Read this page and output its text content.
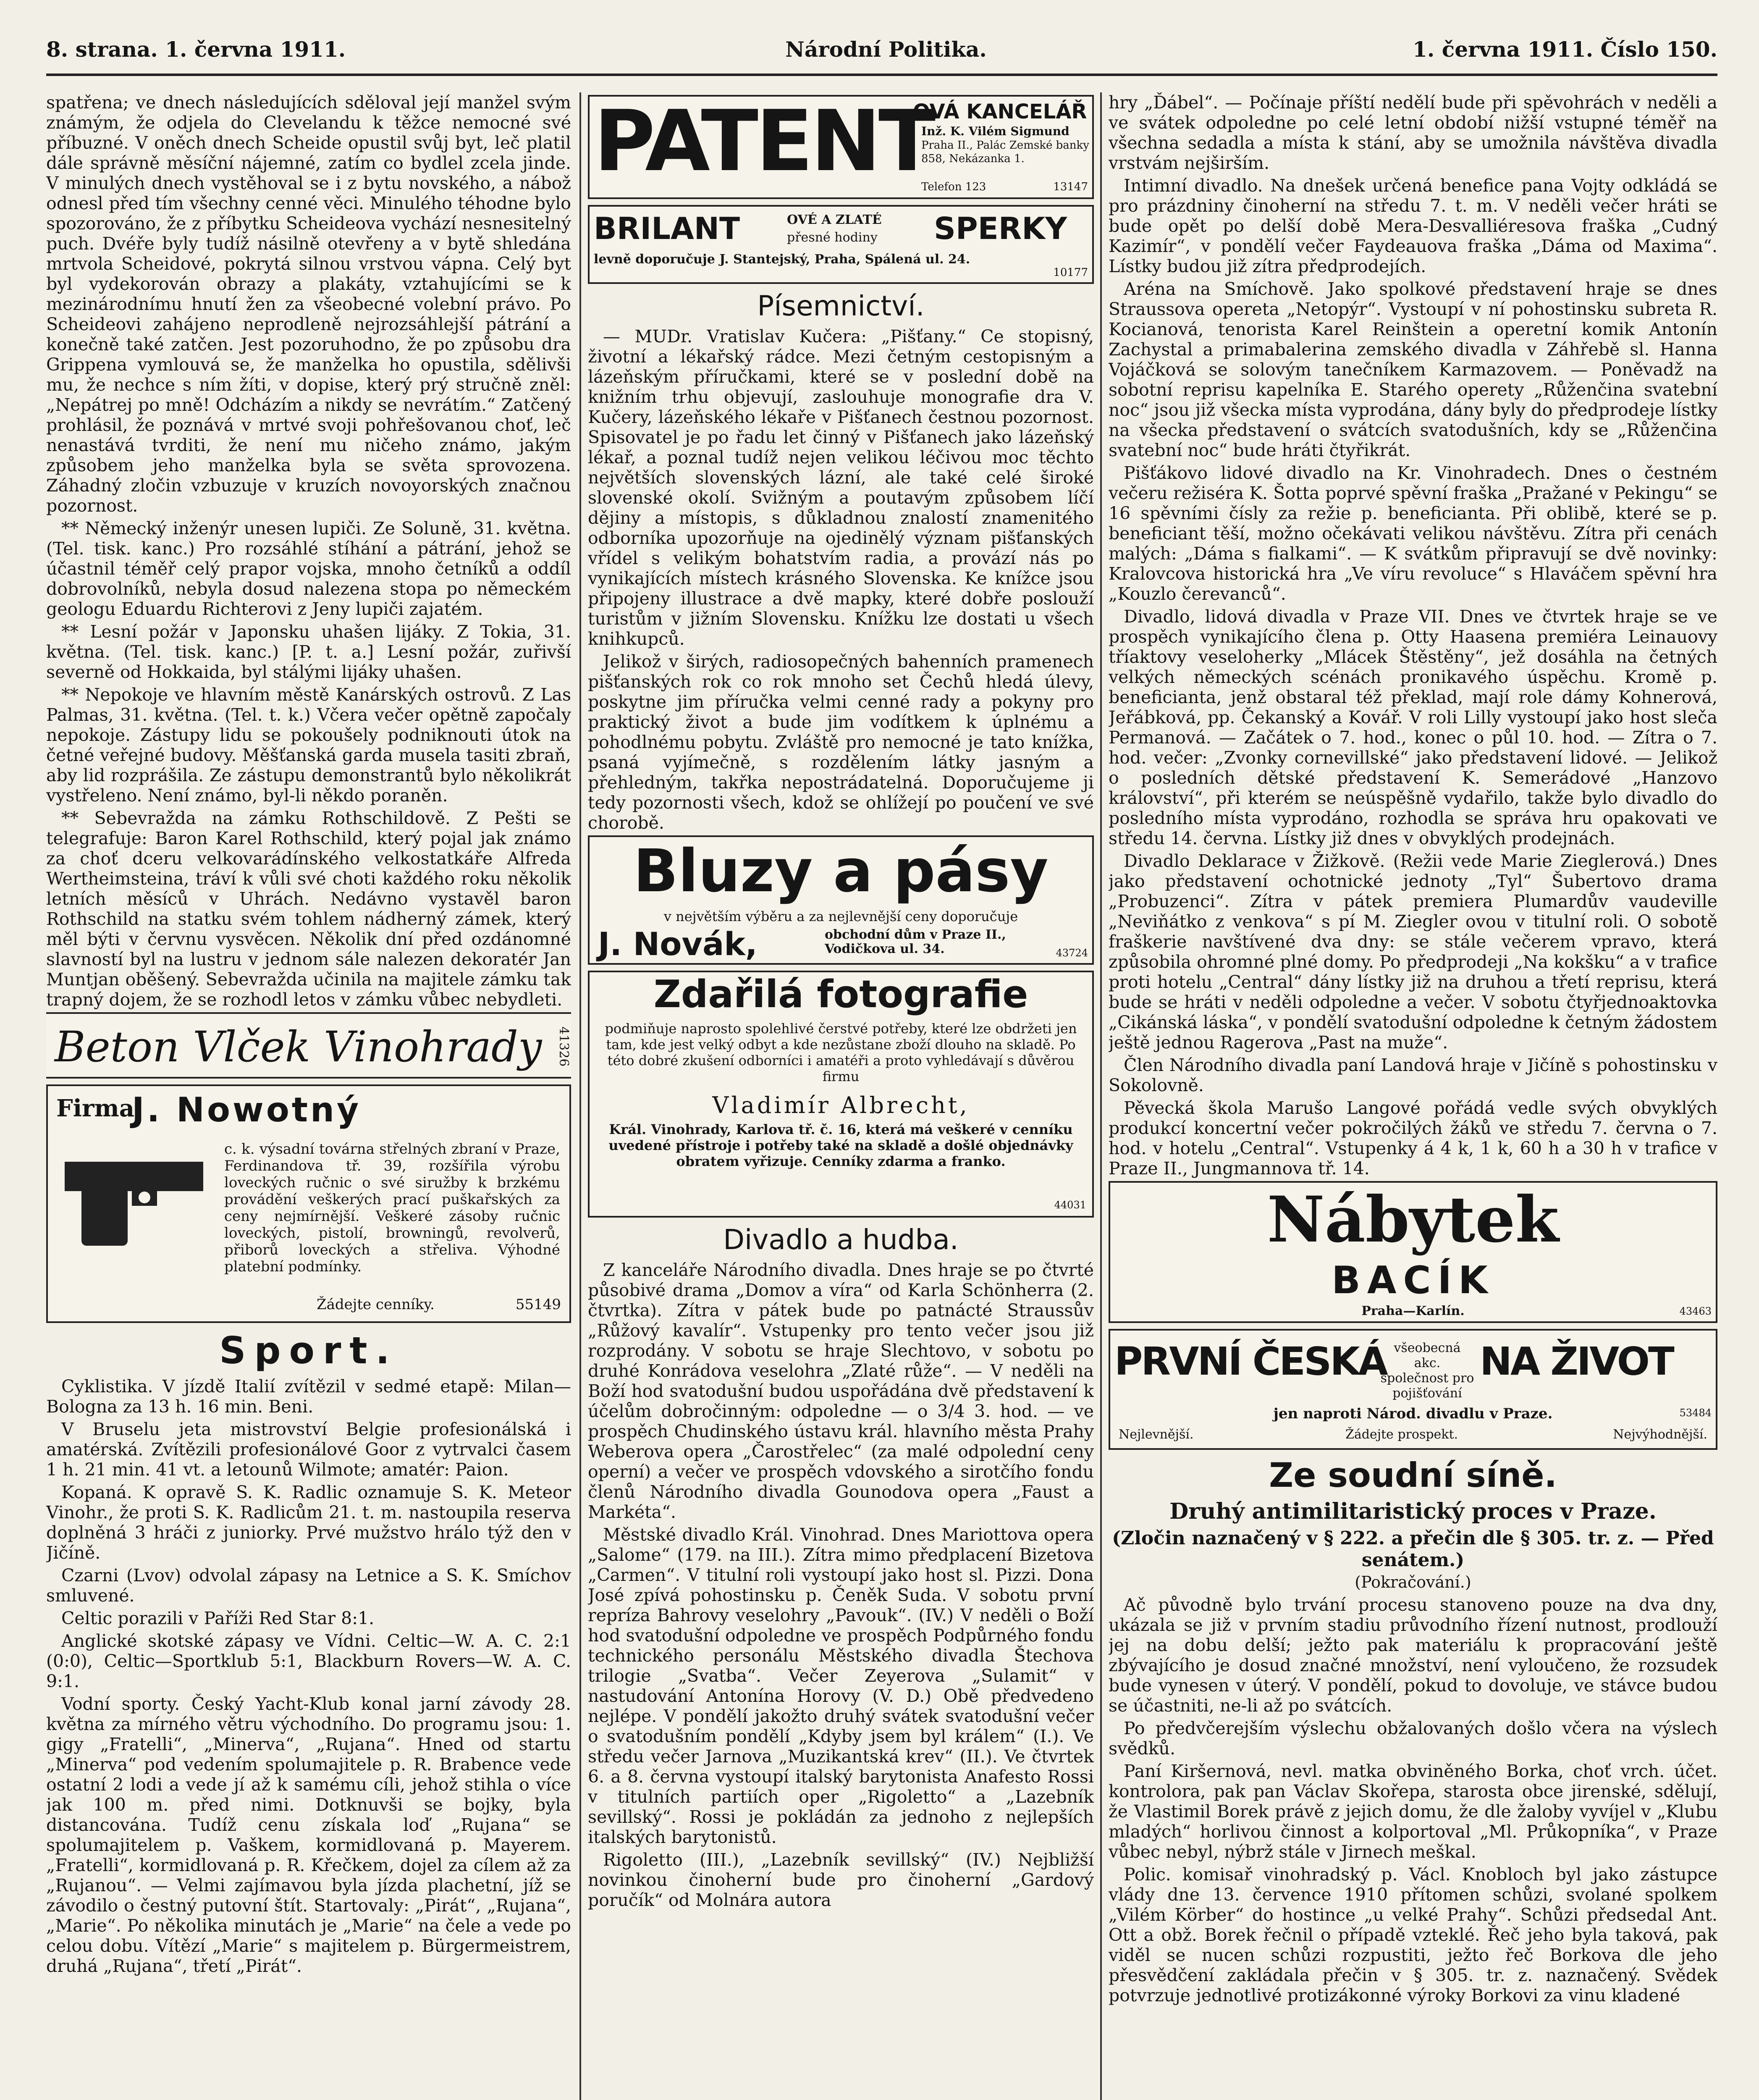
8. strana. 1. června 1911.	Národní Politika.	1. června 1911. Číslo 150.

spatřena; ve dnech následujících sděloval její manžel svým známým, že odjela do Clevelandu k těžce nemocné své příbuzné. V oněch dnech Scheide opustil svůj byt, leč platil dále správně měsíční nájemné, zatím co bydlel zcela jinde. V minulých dnech vystěhoval se i z bytu novského, a nábož odnesl před tím všechny cenné věci. Minulého téhodne bylo spozorováno, že z příbytku Scheideova vychází nesnesitelný puch. Dvéře byly tudíž násilně otevřeny a v bytě shledána mrtvola Scheidové, pokrytá silnou vrstvou vápna. Celý byt byl vydekorován obrazy a plakáty, vztahujícími se k mezinárodnímu hnutí žen za všeobecné volební právo. Po Scheideovi zahájeno neprodleně nejrozsáhlejší pátrání a konečně také zatčen. Jest pozoruhodno, že po způsobu dra Grippena vymlouvá se, že manželka ho opustila, sdělivši mu, že nechce s ním žíti, v dopise, který prý stručně zněl: „Nepátrej po mně! Odcházím a nikdy se nevrátím.“ Zatčený prohlásil, že poznává v mrtvé svoji pohřešovanou choť, leč nenastává tvrditi, že není mu ničeho známo, jakým způsobem jeho manželka byla se světa sprovozena. Záhadný zločin vzbuzuje v kruzích novoyorských značnou pozornost.

** Německý inženýr unesen lupiči. Ze Soluně, 31. května. (Tel. tisk. kanc.) Pro rozsáhlé stíhání a pátrání, jehož se účastnil téměř celý prapor vojska, mnoho četníků a oddíl dobrovolníků, nebyla dosud nalezena stopa po německém geologu Eduardu Richterovi z Jeny lupiči zajatém.

** Lesní požár v Japonsku uhašen lijáky. Z Tokia, 31. května. (Tel. tisk. kanc.) [P. t. a.] Lesní požár, zuřivší severně od Hokkaida, byl stálými lijáky uhašen.

** Nepokoje ve hlavním městě Kanárských ostrovů. Z Las Palmas, 31. května. (Tel. t. k.) Včera večer opětně započaly nepokoje. Zástupy lidu se pokoušely podniknouti útok na četné veřejné budovy. Měšťanská garda musela tasiti zbraň, aby lid rozprášila. Ze zástupu demonstrantů bylo několikrát vystřeleno. Není známo, byl-li někdo poraněn.

** Sebevražda na zámku Rothschildově. Z Pešti se telegrafuje: Baron Karel Rothschild, který pojal jak známo za choť dceru velkovarádínského velkostatkáře Alfreda Wertheimsteina, tráví k vůli své choti každého roku několik letních měsíců v Uhrách. Nedávno vystavěl baron Rothschild na statku svém tohlem nádherný zámek, který měl býti v červnu vysvěcen. Několik dní před ozdánomné slavností byl na lustru v jednom sále nalezen dekoratér Jan Muntjan oběšený. Sebevražda učinila na majitele zámku tak trapný dojem, že se rozhodl letos v zámku vůbec nebydleti.

Beton Vlček Vinohrady 41326
Firma
J. Nowotný
c. k. výsadní továrna střelných zbraní v Praze, Ferdinandova tř. 39, rozšířila výrobu loveckých ručnic o své siružby k brzkému provádění veškerých prací puškařských za ceny nejmírnější. Veškeré zásoby ručnic loveckých, pistolí, browningů, revolverů, přiborů loveckých a střeliva. Výhodné platební podmínky.
Žádejte cenníky.	55149
Sport.

Cyklistika. V jízdě Italií zvítězil v sedmé etapě: Milan—Bologna za 13 h. 16 min. Beni.

V Bruselu jeta mistrovství Belgie profesionálská i amatérská. Zvítězili profesionálové Goor z vytrvalci časem 1 h. 21 min. 41 vt. a letounů Wilmote; amatér: Paion.

Kopaná. K opravě S. K. Radlic oznamuje S. K. Meteor Vinohr., že proti S. K. Radlicům 21. t. m. nastoupila reserva doplněná 3 hráči z juniorky. Prvé mužstvo hrálo týž den v Jičíně.

Czarni (Lvov) odvolal zápasy na Letnice a S. K. Smíchov smluvené.

Celtic porazili v Paříži Red Star 8:1.

Anglické skotské zápasy ve Vídni. Celtic—W. A. C. 2:1 (0:0), Celtic—Sportklub 5:1, Blackburn Rovers—W. A. C. 9:1.

Vodní sporty. Český Yacht-Klub konal jarní závody 28. května za mírného větru východního. Do programu jsou: 1. gigy „Fratelli“, „Minerva“, „Rujana“. Hned od startu „Minerva“ pod vedením spolumajitele p. R. Brabence vede ostatní 2 lodi a vede jí až k samému cíli, jehož stihla o více jak 100 m. před nimi. Dotknuvši se bojky, byla distancována. Tudíž cenu získala loď „Rujana“ se spolumajitelem p. Vaškem, kormidlovaná p. Mayerem. „Fratelli“, kormidlovaná p. R. Křečkem, dojel za cílem až za „Rujanou“. — Velmi zajímavou byla jízda plachetní, jíž se závodilo o čestný putovní štít. Startovaly: „Pirát“, „Rujana“, „Marie“. Po několika minutách je „Marie“ na čele a vede po celou dobu. Vítězí „Marie“ s majitelem p. Bürgermeistrem, druhá „Rujana“, třetí „Pirát“.

PATENT
OVÁ KANCELÁŘ
Inž. K. Vilém Sigmund
Praha II., Palác Zemské banky 858, Nekázanka 1.
Telefon 123	13147
BRILANT	OVÉ A ZLATÉ
přesné hodiny SPERKY
levně doporučuje J. Stantejský, Praha, Spálená ul. 24.
10177
Písemnictví.

— MUDr. Vratislav Kučera: „Pišťany.“ Ce stopisný, životní a lékařský rádce. Mezi četným cestopisným a lázeňským příručkami, které se v poslední době na knižním trhu objevují, zaslouhuje monografie dra V. Kučery, lázeňského lékaře v Pišťanech čestnou pozornost. Spisovatel je po řadu let činný v Pišťanech jako lázeňský lékař, a poznal tudíž nejen velikou léčivou moc těchto největších slovenských lázní, ale také celé široké slovenské okolí. Svižným a poutavým způsobem líčí dějiny a místopis, s důkladnou znalostí znamenitého odborníka upozorňuje na ojedinělý význam pišťanských vřídel s velikým bohatstvím radia, a provází nás po vynikajících místech krásného Slovenska. Ke knížce jsou připojeny illustrace a dvě mapky, které dobře poslouží turistům v jižním Slovensku. Knížku lze dostati u všech knihkupců.

Jelikož v širých, radiosopečných bahenních pramenech pišťanských rok co rok mnoho set Čechů hledá úlevy, poskytne jim příručka velmi cenné rady a pokyny pro praktický život a bude jim vodítkem k úplnému a pohodlnému pobytu. Zvláště pro nemocné je tato knížka, psaná vyjímečně, s rozdělením látky jasným a přehledným, takřka nepostrádatelná. Doporučujeme ji tedy pozornosti všech, kdož se ohlížejí po poučení ve své chorobě.

Bluzy a pásy
v největším výběru a za nejlevnější ceny doporučuje
J. Novák,	obchodní dům v Praze II., Vodičkova ul. 34.	43724
Zdařilá fotografie
podmiňuje naprosto spolehlivé čerstvé potřeby, které lze obdržeti jen tam, kde jest velký odbyt a kde nezůstane zboží dlouho na skladě. Po této dobré zkušení odborníci i amatéři a proto vyhledávají s důvěrou firmu
Vladimír Albrecht,
Král. Vinohrady, Karlova tř. č. 16, která má veškeré v cenníku uvedené přístroje i potřeby také na skladě a došlé objednávky obratem vyřizuje. Cenníky zdarma a franko.
44031
Divadlo a hudba.

Z kanceláře Národního divadla. Dnes hraje se po čtvrté působivé drama „Domov a víra“ od Karla Schönherra (2. čtvrtka). Zítra v pátek bude po patnácté Straussův „Růžový kavalír“. Vstupenky pro tento večer jsou již rozprodány. V sobotu se hraje Slechtovo, v sobotu po druhé Konrádova veselohra „Zlaté růže“. — V neděli na Boží hod svatodušní budou uspořádána dvě představení k účelům dobročinným: odpoledne — o 3/4 3. hod. — ve prospěch Chudinského ústavu král. hlavního města Prahy Weberova opera „Čarostřelec“ (za malé odpolední ceny operní) a večer ve prospěch vdovského a sirotčího fondu členů Národního divadla Gounodova opera „Faust a Markéta“.

Městské divadlo Král. Vinohrad. Dnes Mariottova opera „Salome“ (179. na III.). Zítra mimo předplacení Bizetova „Carmen“. V titulní roli vystoupí jako host sl. Pizzi. Dona José zpívá pohostinsku p. Čeněk Suda. V sobotu první repríza Bahrovy veselohry „Pavouk“. (IV.) V neděli o Boží hod svatodušní odpoledne ve prospěch Podpůrného fondu technického personálu Městského divadla Štechova trilogie „Svatba“. Večer Zeyerova „Sulamit“ v nastudování Antonína Horovy (V. D.) Obě předvedeno nejlépe. V pondělí jakožto druhý svátek svatodušní večer o svatodušním pondělí „Kdyby jsem byl králem“ (I.). Ve středu večer Jarnova „Muzikantská krev“ (II.). Ve čtvrtek 6. a 8. června vystoupí italský barytonista Anafesto Rossi v titulních partiích oper „Rigoletto“ a „Lazebník sevillský“. Rossi je pokládán za jednoho z nejlepších italských barytonistů.

Rigoletto (III.), „Lazebník sevillský“ (IV.) Nejbližší novinkou činoherní bude pro činoherní „Gardový poručík“ od Molnára autora

hry „Ďábel“. — Počínaje příští nedělí bude při spěvohrách v neděli a ve svátek odpoledne po celé letní období nižší vstupné téměř na všechna sedadla a místa k stání, aby se umožnila návštěva divadla vrstvám nejširším.

Intimní divadlo. Na dnešek určená benefice pana Vojty odkládá se pro prázdniny činoherní na středu 7. t. m. V neděli večer hráti se bude opět po delší době Mera-Desvalliéresova fraška „Cudný Kazimír“, v pondělí večer Faydeauova fraška „Dáma od Maxima“. Lístky budou již zítra předprodejích.

Aréna na Smíchově. Jako spolkové představení hraje se dnes Straussova opereta „Netopýr“. Vystoupí v ní pohostinsku subreta R. Kocianová, tenorista Karel Reinštein a operetní komik Antonín Zachystal a primabalerina zemského divadla v Záhřebě sl. Hanna Vojáčková se solovým tanečníkem Karmazovem. — Poněvadž na sobotní reprisu kapelníka E. Starého operety „Růženčina svatební noc“ jsou již všecka místa vyprodána, dány byly do předprodeje lístky na všecka představení o svátcích svatodušních, kdy se „Růženčina svatební noc“ bude hráti čtyřikrát.

Pišťákovo lidové divadlo na Kr. Vinohradech. Dnes o čestném večeru režiséra K. Šotta poprvé spěvní fraška „Pražané v Pekingu“ se 16 spěvními čísly za režie p. beneficianta. Při oblibě, které se p. beneficiant těší, možno očekávati velikou návštěvu. Zítra při cenách malých: „Dáma s fialkami“. — K svátkům připravují se dvě novinky: Kralovcova historická hra „Ve víru revoluce“ s Hlaváčem spěvní hra „Kouzlo čerevanců“.

Divadlo, lidová divadla v Praze VII. Dnes ve čtvrtek hraje se ve prospěch vynikajícího člena p. Otty Haasena premiéra Leinauovy tříaktovy veseloherky „Mlácek Štěstěny“, jež dosáhla na četných velkých německých scénách pronikavého úspěchu. Kromě p. beneficianta, jenž obstaral též překlad, mají role dámy Kohnerová, Jeřábková, pp. Čekanský a Kovář. V roli Lilly vystoupí jako host sleča Permanová. — Začátek o 7. hod., konec o půl 10. hod. — Zítra o 7. hod. večer: „Zvonky cornevillské“ jako představení lidové. — Jelikož o posledních dětské představení K. Semerádové „Hanzovo království“, při kterém se neúspěšně vydařilo, takže bylo divadlo do posledního místa vyprodáno, rozhodla se správa hru opakovati ve středu 14. června. Lístky již dnes v obvyklých prodejnách.

Divadlo Deklarace v Žižkově. (Režii vede Marie Zieglerová.) Dnes jako představení ochotnické jednoty „Tyl“ Šubertovo drama „Probuzenci“. Zítra v pátek premiera Plumardův vaudeville „Neviňátko z venkova“ s pí M. Ziegler ovou v titulní roli. O sobotě fraškerie navštívené dva dny: se stále večerem vpravo, která způsobila ohromné plné domy. Po předprodeji „Na kokšku“ a v trafice proti hotelu „Central“ dány lístky již na druhou a třetí reprisu, která bude se hráti v neděli odpoledne a večer. V sobotu čtyřjednoaktovka „Cikánská láska“, v pondělí svatodušní odpoledne k četným žádostem ještě jednou Ragerova „Past na muže“.

Člen Národního divadla paní Landová hraje v Jičíně s pohostinsku v Sokolovně.

Pěvecká škola Marušo Langové pořádá vedle svých obvyklých produkcí koncertní večer pokročilých žáků ve středu 7. června o 7. hod. v hotelu „Central“. Vstupenky á 4 k, 1 k, 60 h a 30 h v trafice v Praze II., Jungmannova tř. 14.

Nábytek
BACÍK
Praha—Karlín.	43463
PRVNÍ ČESKÁ všeobecná akc. společnost pro pojišťování
NA ŽIVOT
jen naproti Národ. divadlu v Praze.	53484
Nejlevnější.	Žádejte prospekt.	Nejvýhodnější.
Ze soudní síně.
Druhý antimilitaristický proces v Praze.
(Zločin naznačený v § 222. a přečin dle § 305. tr. z. — Před senátem.)
(Pokračování.)

Ač původně bylo trvání procesu stanoveno pouze na dva dny, ukázala se již v prvním stadiu průvodního řízení nutnost, prodlouží jej na dobu delší; ježto pak materiálu k propracování ještě zbývajícího je dosud značné množství, není vyloučeno, že rozsudek bude vynesen v úterý. V pondělí, pokud to dovoluje, ve stávce budou se účastniti, ne-li až po svátcích.

Po předvčerejším výslechu obžalovaných došlo včera na výslech svědků.

Paní Kiršernová, nevl. matka obviněného Borka, choť vrch. účet. kontrolora, pak pan Václav Skořepa, starosta obce jirenské, sdělují, že Vlastimil Borek právě z jejich domu, že dle žaloby vyvíjel v „Klubu mladých“ horlivou činnost a kolportoval „Ml. Průkopníka“, v Praze vůbec nebyl, nýbrž stále v Jirnech meškal.

Polic. komisař vinohradský p. Václ. Knobloch byl jako zástupce vlády dne 13. července 1910 přítomen schůzi, svolané spolkem „Vilém Körber“ do hostince „u velké Prahy“. Schůzi předsedal Ant. Ott a obž. Borek řečnil o případě vzteklé. Řeč jeho byla taková, pak viděl se nucen schůzi rozpustiti, ježto řeč Borkova dle jeho přesvědčení zakládala přečin v § 305. tr. z. naznačený. Svědek potvrzuje jednotlivé protizákonné výroky Borkovi za vinu kladené
